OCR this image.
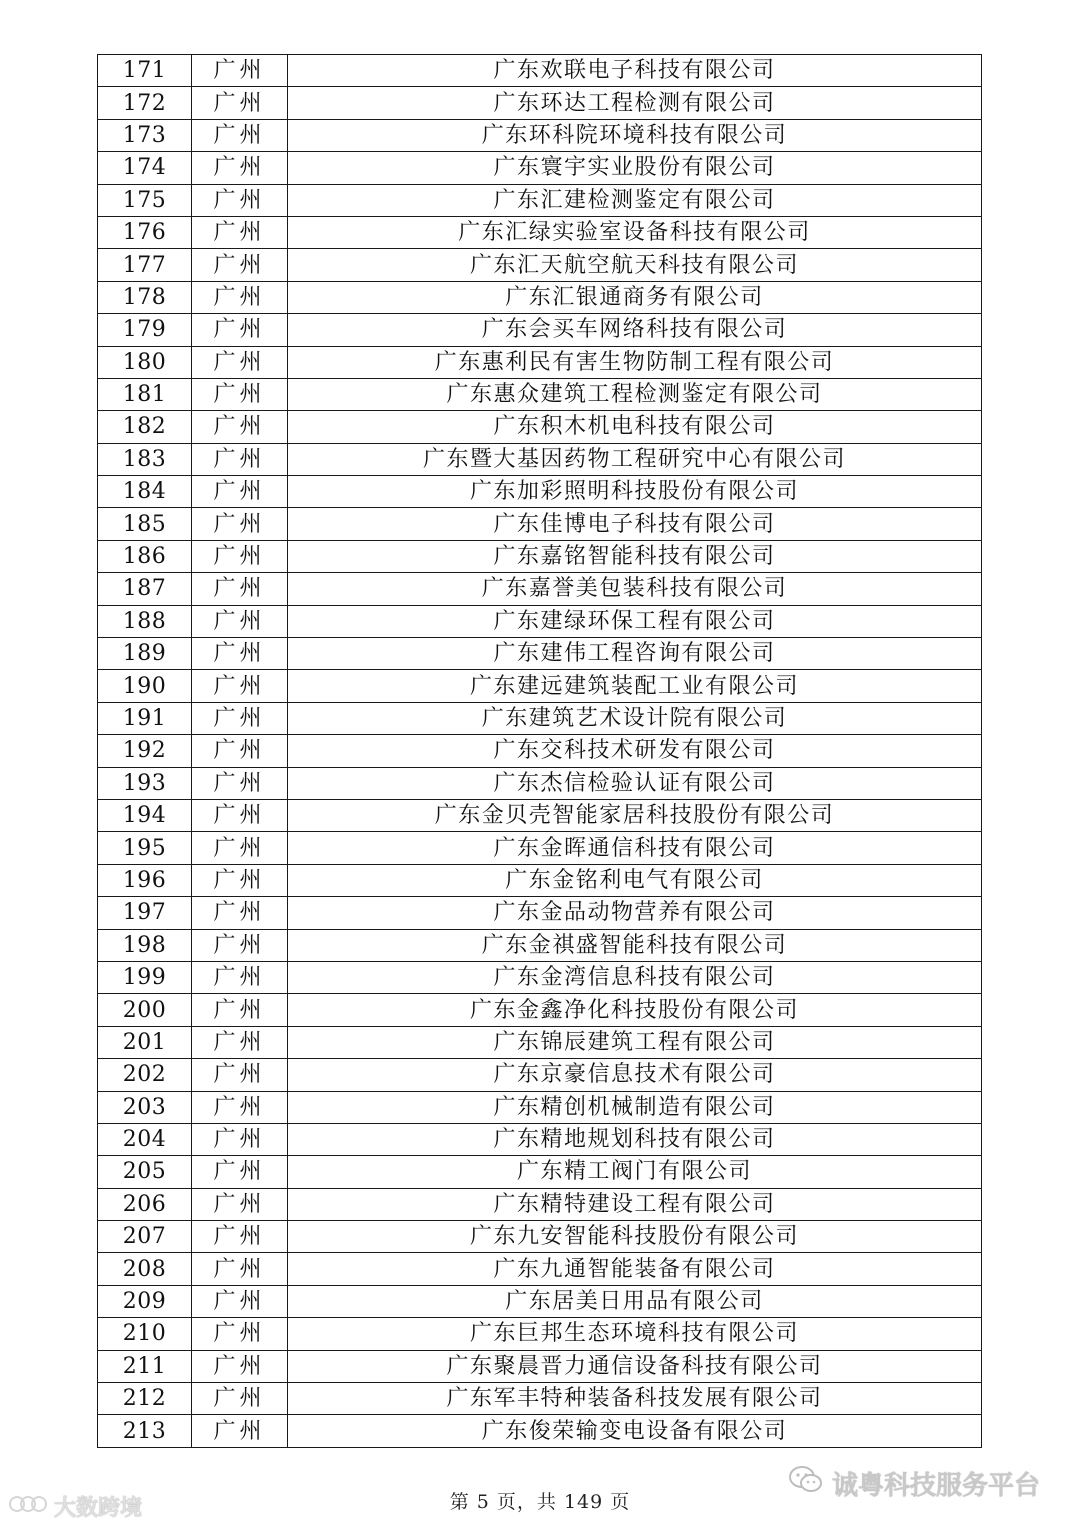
171	广州	广东欢联电子科技有限公司
172	广州	广东环达工程检测有限公司
173	广州	广东环科院环境科技有限公司
174	广州	广东寰宇实业股份有限公司
175	广州	广东汇建检测鉴定有限公司
176	广州	广东汇绿实验室设备科技有限公司
177	广州	广东汇天航空航天科技有限公司
178	广州	广东汇银通商务有限公司
179	广州	广东会买车网络科技有限公司
180	广州	广东惠利民有害生物防制工程有限公司
181	广州	广东惠众建筑工程检测鉴定有限公司
182	广州	广东积木机电科技有限公司
183	广州	广东暨大基因药物工程研究中心有限公司
184	广州	广东加彩照明科技股份有限公司
185	广州	广东佳博电子科技有限公司
186	广州	广东嘉铭智能科技有限公司
187	广州	广东嘉誉美包装科技有限公司
188	广州	广东建绿环保工程有限公司
189	广州	广东建伟工程咨询有限公司
190	广州	广东建远建筑装配工业有限公司
191	广州	广东建筑艺术设计院有限公司
192	广州	广东交科技术研发有限公司
193	广州	广东杰信检验认证有限公司
194	广州	广东金贝壳智能家居科技股份有限公司
195	广州	广东金晖通信科技有限公司
196	广州	广东金铭利电气有限公司
197	广州	广东金品动物营养有限公司
198	广州	广东金祺盛智能科技有限公司
199	广州	广东金湾信息科技有限公司
200	广州	广东金鑫净化科技股份有限公司
201	广州	广东锦辰建筑工程有限公司
202	广州	广东京豪信息技术有限公司
203	广州	广东精创机械制造有限公司
204	广州	广东精地规划科技有限公司
205	广州	广东精工阀门有限公司
206	广州	广东精特建设工程有限公司
207	广州	广东九安智能科技股份有限公司
208	广州	广东九通智能装备有限公司
209	广州	广东居美日用品有限公司
210	广州	广东巨邦生态环境科技有限公司
211	广州	广东聚晨晋力通信设备科技有限公司
212	广州	广东军丰特种装备科技发展有限公司
213	广州	广东俊荣输变电设备有限公司
第 5 页，共 149 页
诚粤科技服务平台
大数跨境
